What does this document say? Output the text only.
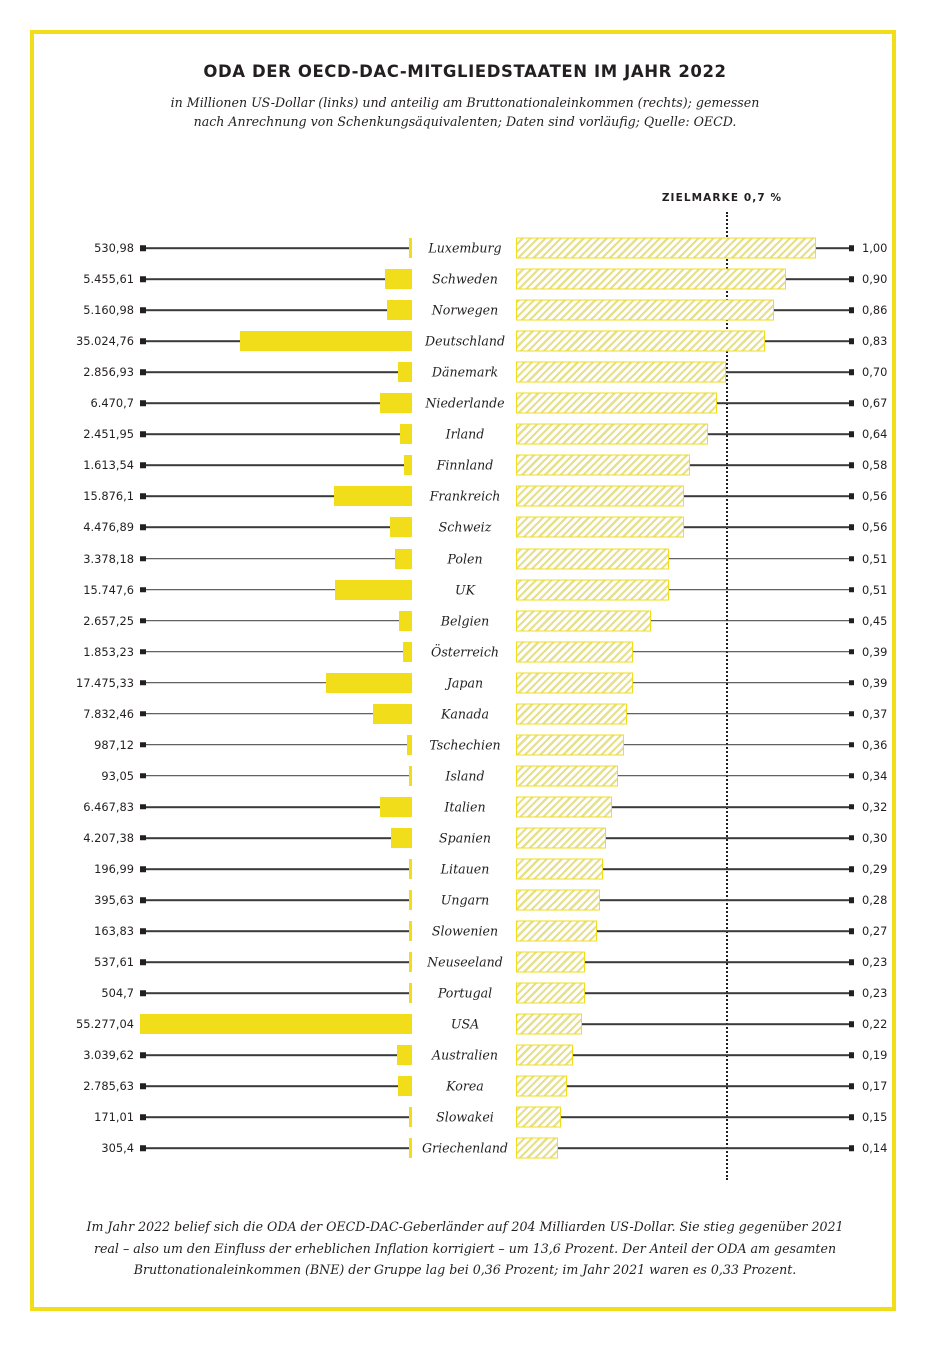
ODA DER OECD-DAC-MITGLIEDSTAATEN IM JAHR 2022
in Millionen US-Dollar (links) und anteilig am Bruttonationaleinkommen (rechts); gemessen nach Anrechnung von Schenkungsäquivalenten; Daten sind vorläufig; Quelle: OECD.
ZIELMARKE 0,7 %
530,98	Luxemburg	1,00
5.455,61	Schweden	0,90
5.160,98	Norwegen	0,86
35.024,76	Deutschland	0,83
2.856,93	Dänemark	0,70
6.470,7	Niederlande	0,67
2.451,95	Irland	0,64
1.613,54	Finnland	0,58
15.876,1	Frankreich	0,56
4.476,89	Schweiz	0,56
3.378,18	Polen	0,51
15.747,6	UK	0,51
2.657,25	Belgien	0,45
1.853,23	Österreich	0,39
17.475,33	Japan	0,39
7.832,46	Kanada	0,37
987,12	Tschechien	0,36
93,05	Island	0,34
6.467,83	Italien	0,32
4.207,38	Spanien	0,30
196,99	Litauen	0,29
395,63	Ungarn	0,28
163,83	Slowenien	0,27
537,61	Neuseeland	0,23
504,7	Portugal	0,23
55.277,04	USA	0,22
3.039,62	Australien	0,19
2.785,63	Korea	0,17
171,01	Slowakei	0,15
305,4	Griechenland	0,14
Im Jahr 2022 belief sich die ODA der OECD-DAC-Geberländer auf 204 Milliarden US-Dollar. Sie stieg gegenüber 2021 real – also um den Einfluss der erheblichen Inflation korrigiert – um 13,6 Prozent. Der Anteil der ODA am gesamten Bruttonationaleinkommen (BNE) der Gruppe lag bei 0,36 Prozent; im Jahr 2021 waren es 0,33 Prozent.
